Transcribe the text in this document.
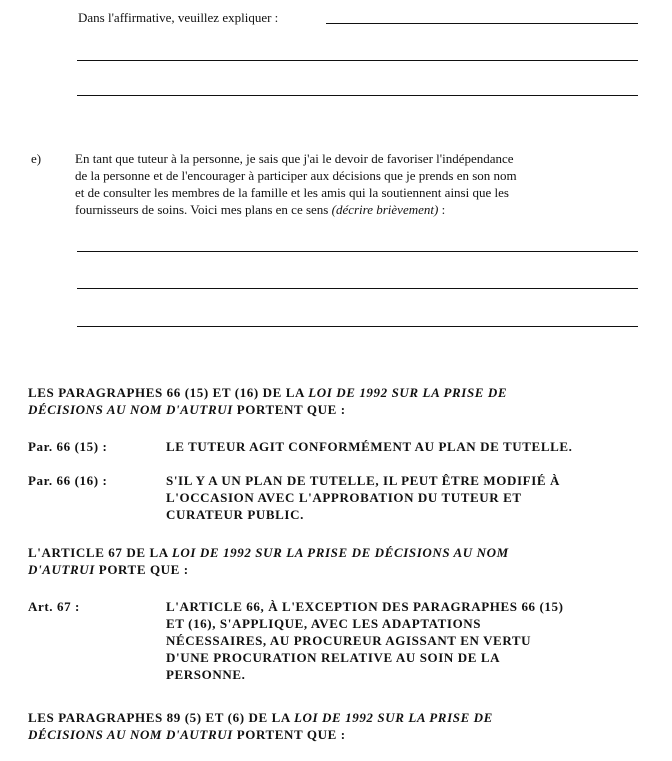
Dans l'affirmative, veuillez expliquer :
e)	En tant que tuteur à la personne, je sais que j'ai le devoir de favoriser l'indépendance
de la personne et de l'encourager à participer aux décisions que je prends en son nom
et de consulter les membres de la famille et les amis qui la soutiennent ainsi que les
fournisseurs de soins. Voici mes plans en ce sens (décrire brièvement) :
LES PARAGRAPHES 66 (15) ET (16) DE LA LOI DE 1992 SUR LA PRISE DE
DÉCISIONS AU NOM D'AUTRUI PORTENT QUE :
Par. 66 (15) :	LE TUTEUR AGIT CONFORMÉMENT AU PLAN DE TUTELLE.
Par. 66 (16) :	S'IL Y A UN PLAN DE TUTELLE, IL PEUT ÊTRE MODIFIÉ À
L'OCCASION AVEC L'APPROBATION DU TUTEUR ET
CURATEUR PUBLIC.
L'ARTICLE 67 DE LA LOI DE 1992 SUR LA PRISE DE DÉCISIONS AU NOM
D'AUTRUI PORTE QUE :
Art. 67 :	L'ARTICLE 66, À L'EXCEPTION DES PARAGRAPHES 66 (15)
ET (16), S'APPLIQUE, AVEC LES ADAPTATIONS
NÉCESSAIRES, AU PROCUREUR AGISSANT EN VERTU
D'UNE PROCURATION RELATIVE AU SOIN DE LA
PERSONNE.
LES PARAGRAPHES 89 (5) ET (6) DE LA LOI DE 1992 SUR LA PRISE DE
DÉCISIONS AU NOM D'AUTRUI PORTENT QUE :
